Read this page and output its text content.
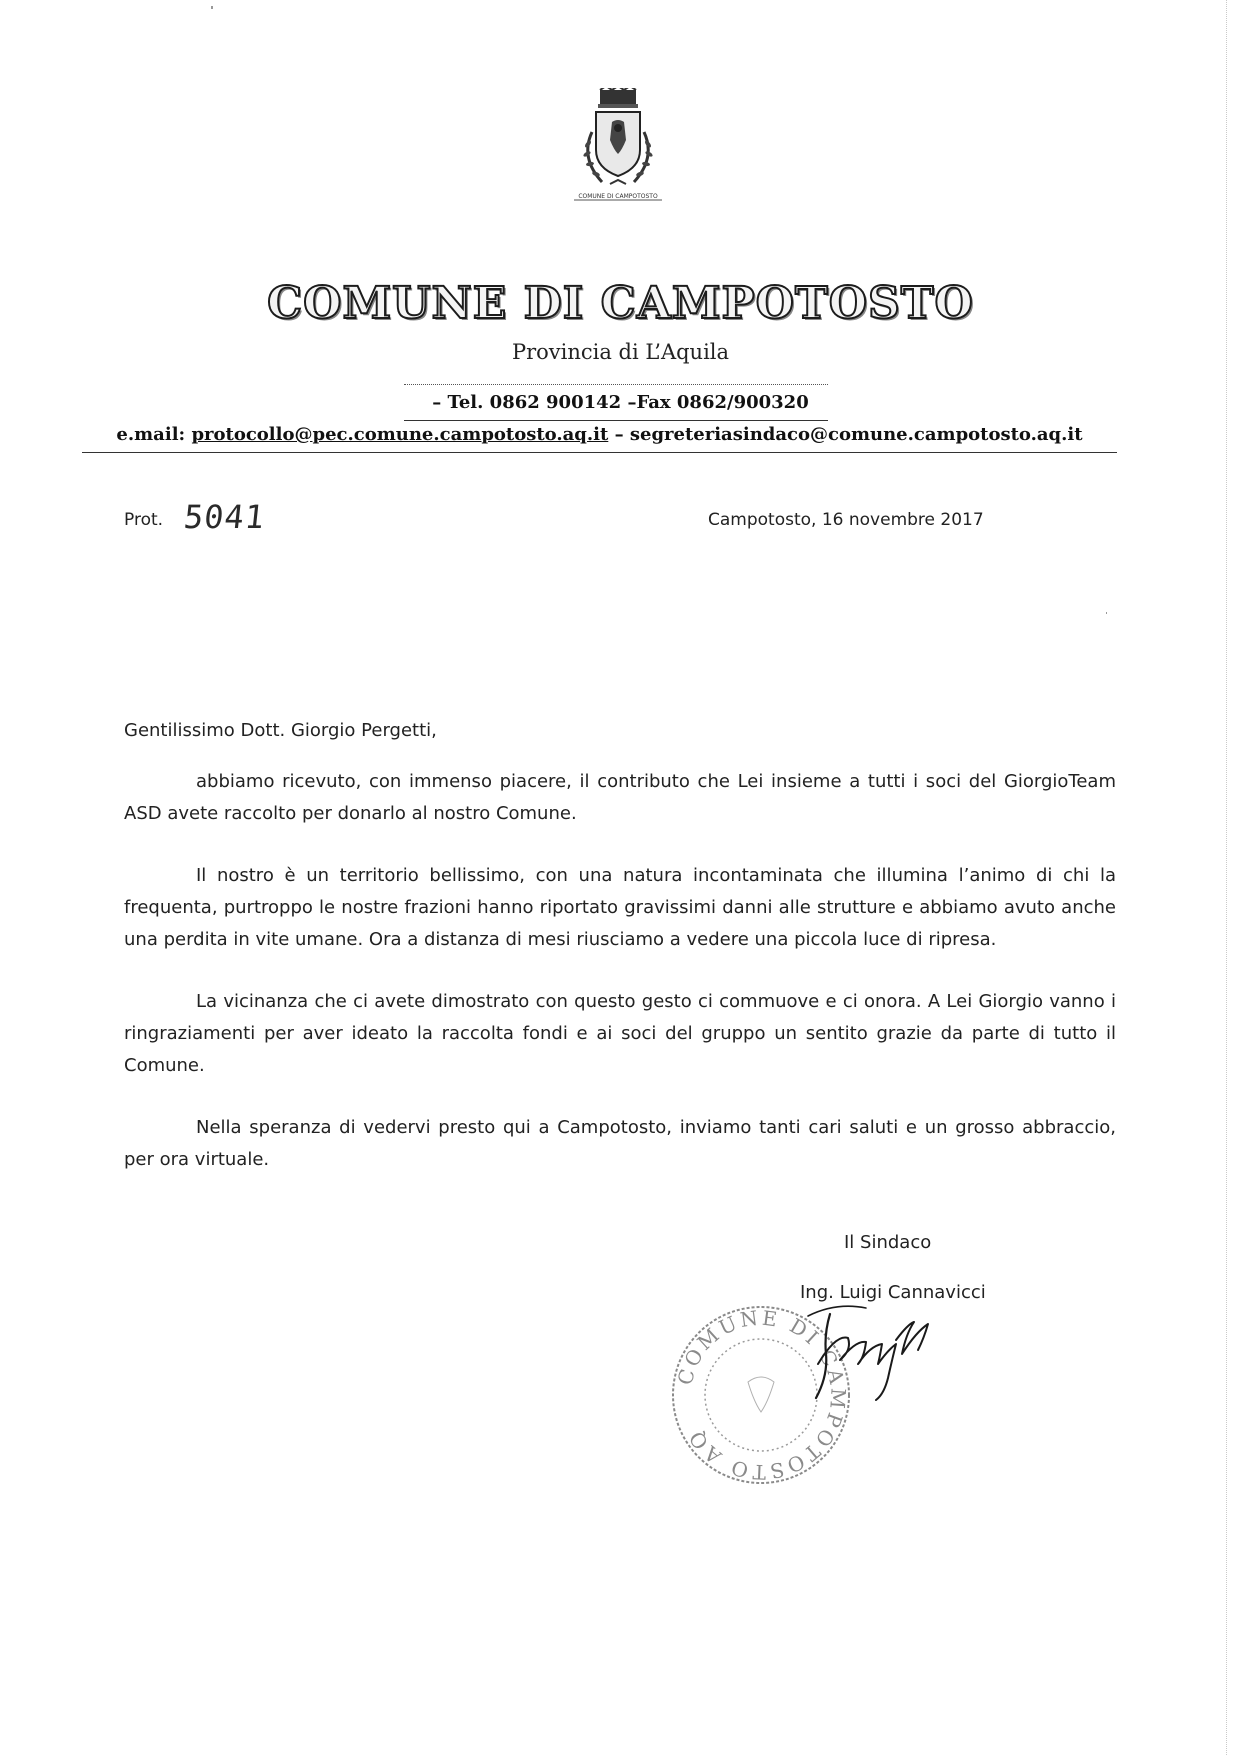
COMUNE DI CAMPOTOSTO
COMUNE DI CAMPOTOSTO
Provincia di L’Aquila
– Tel. 0862 900142 –Fax 0862/900320
e.mail: protocollo@pec.comune.campotosto.aq.it – segreteriasindaco@comune.campotosto.aq.it
Prot. 5041	Campotosto, 16 novembre 2017
Gentilissimo Dott. Giorgio Pergetti,
abbiamo ricevuto, con immenso piacere, il contributo che Lei insieme a tutti i soci del GiorgioTeam ASD avete raccolto per donarlo al nostro Comune.
Il nostro è un territorio bellissimo, con una natura incontaminata che illumina l’animo di chi la frequenta, purtroppo le nostre frazioni hanno riportato gravissimi danni alle strutture e abbiamo avuto anche una perdita in vite umane. Ora a distanza di mesi riusciamo a vedere una piccola luce di ripresa.
La vicinanza che ci avete dimostrato con questo gesto ci commuove e ci onora. A Lei Giorgio vanno i ringraziamenti per aver ideato la raccolta fondi e ai soci del gruppo un sentito grazie da parte di tutto il Comune.
Nella speranza di vedervi presto qui a Campotosto, inviamo tanti cari saluti e un grosso abbraccio, per ora virtuale.
Il Sindaco
Ing. Luigi Cannavicci
COMUNE DI CAMPOTOSTO AQ
